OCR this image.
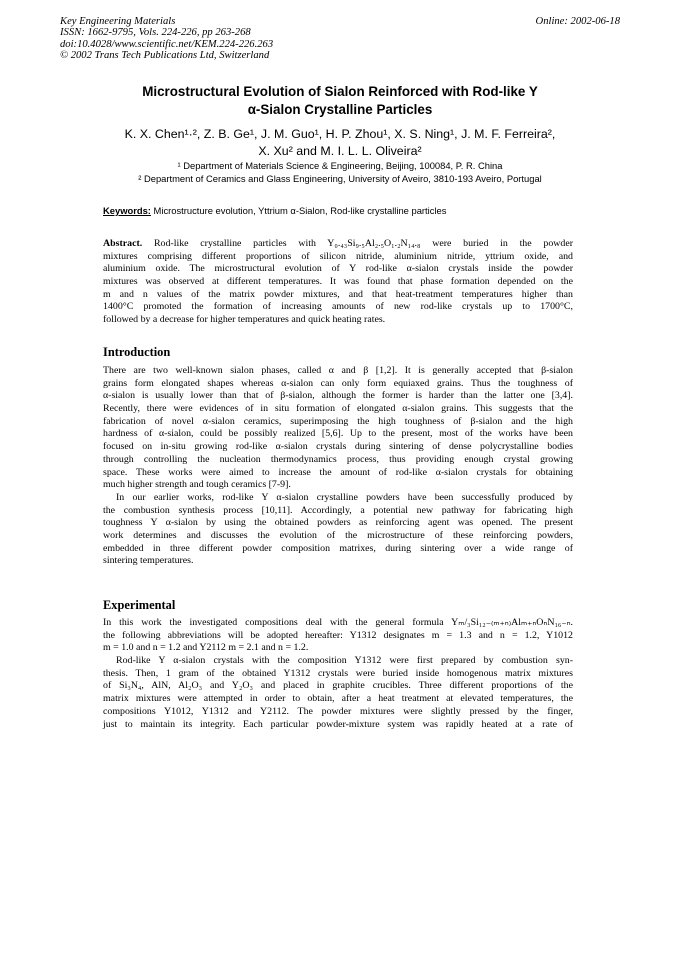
Key Engineering Materials
ISSN: 1662-9795, Vols. 224-226, pp 263-268
doi:10.4028/www.scientific.net/KEM.224-226.263
© 2002 Trans Tech Publications Ltd, Switzerland
Online: 2002-06-18
Microstructural Evolution of Sialon Reinforced with Rod-like Y
α-Sialon Crystalline Particles
K. X. Chen¹·², Z. B. Ge¹, J. M. Guo¹, H. P. Zhou¹, X. S. Ning¹, J. M. F. Ferreira²,
X. Xu² and M. I. L. L. Oliveira²
¹ Department of Materials Science & Engineering, Beijing, 100084, P. R. China
² Department of Ceramics and Glass Engineering, University of Aveiro, 3810-193 Aveiro, Portugal
Keywords: Microstructure evolution, Yttrium α-Sialon, Rod-like crystalline particles
Abstract. Rod-like crystalline particles with Y₀.₄₃Si₉.₅Al₂.₅O₁.₂N₁₄.₈ were buried in the powder
mixtures comprising different proportions of silicon nitride, aluminium nitride, yttrium oxide, and
aluminium oxide. The microstructural evolution of Y rod-like α-sialon crystals inside the powder
mixtures was observed at different temperatures. It was found that phase formation depended on the
m and n values of the matrix powder mixtures, and that heat-treatment temperatures higher than
1400°C promoted the formation of increasing amounts of new rod-like crystals up to 1700°C,
followed by a decrease for higher temperatures and quick heating rates.
Introduction
There are two well-known sialon phases, called α and β [1,2]. It is generally accepted that β-sialon
grains form elongated shapes whereas α-sialon can only form equiaxed grains. Thus the toughness of
α-sialon is usually lower than that of β-sialon, although the former is harder than the latter one [3,4].
Recently, there were evidences of in situ formation of elongated α-sialon grains. This suggests that the
fabrication of novel α-sialon ceramics, superimposing the high toughness of β-sialon and the high
hardness of α-sialon, could be possibly realized [5,6]. Up to the present, most of the works have been
focused on in-situ growing rod-like α-sialon crystals during sintering of dense polycrystalline bodies
through controlling the nucleation thermodynamics process, thus providing enough crystal growing
space. These works were aimed to increase the amount of rod-like α-sialon crystals for obtaining
much higher strength and tough ceramics [7-9].
In our earlier works, rod-like Y α-sialon crystalline powders have been successfully produced by
the combustion synthesis process [10,11]. Accordingly, a potential new pathway for fabricating high
toughness Y α-sialon by using the obtained powders as reinforcing agent was opened. The present
work determines and discusses the evolution of the microstructure of these reinforcing powders,
embedded in three different powder composition matrixes, during sintering over a wide range of
sintering temperatures.
Experimental
In this work the investigated compositions deal with the general formula Yₘ/₃Si₁₂₋₍ₘ₊ₙ₎Alₘ₊ₙOₙN₁₆₋ₙ.
the following abbreviations will be adopted hereafter: Y1312 designates m = 1.3 and n = 1.2, Y1012
m = 1.0 and n = 1.2 and Y2112 m = 2.1 and n = 1.2.
Rod-like Y α-sialon crystals with the composition Y1312 were first prepared by combustion syn-
thesis. Then, 1 gram of the obtained Y1312 crystals were buried inside homogenous matrix mixtures
of Si₃N₄, AlN, Al₂O₃ and Y₂O₃ and placed in graphite crucibles. Three different proportions of the
matrix mixtures were attempted in order to obtain, after a heat treatment at elevated temperatures, the
compositions Y1012, Y1312 and Y2112. The powder mixtures were slightly pressed by the finger,
just to maintain its integrity. Each particular powder-mixture system was rapidly heated at a rate of
